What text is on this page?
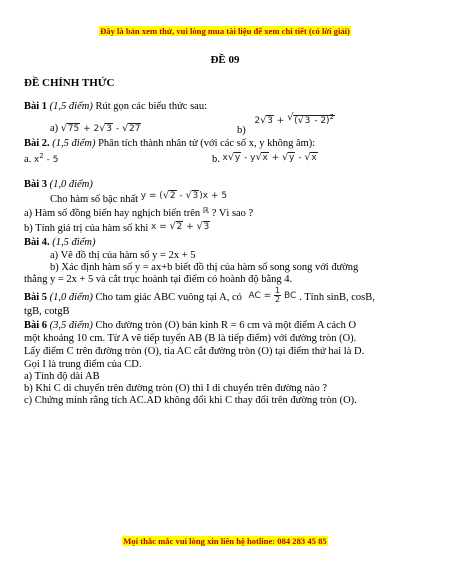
Đây là bản xem thử, vui lòng mua tài liệu để xem chi tiết (có lời giải)
ĐỀ 09
ĐỀ CHÍNH THỨC

Bài 1 (1,5 điểm) Rút gọn các biểu thức sau:

a) √ 75 + 2 √ 3 - √ 27	b) 2 √ 3 + √ ( √ 3 - 2)$^2$

Bài 2. (1,5 điểm) Phân tích thành nhân tử (với các số x, y không âm):

a. $x^2 - 5$	b. x √ y - y √ x + √ y - √ x

Bài 3 (1,0 điểm)

Cho hàm số bậc nhất y = ( √ 2 - √ 3)x + 5
a) Hàm số đồng biến hay nghịch biến trên $^ℝ$ ? Vì sao ?
b) Tính giá trị của hàm số khi x = √ 2 + √ 3

Bài 4. (1,5 điểm)

a) Vẽ đồ thị của hàm số y = 2x + 5

b) Xác định hàm số y = ax+b biết đồ thị của hàm số song song với đường

thẳng y = 2x + 5 và cắt trục hoành tại điểm có hoành độ bằng 4.

Bài 5 (1,0 điểm) Cho tam giác ABC vuông tại A, có AC = $\frac{1}{2}$ BC . Tính sinB, cosB,

tgB, cotgB

Bài 6 (3,5 điểm) Cho đường tròn (O) bán kính R = 6 cm và một điểm A cách O

một khoảng 10 cm. Từ A vẽ tiếp tuyến AB (B là tiếp điểm) với đường tròn (O).

Lấy điểm C trên đường tròn (O), tia AC cắt đường tròn (O) tại điểm thứ hai là D.

Gọi I là trung điểm của CD.

a) Tính độ dài AB

b) Khi C di chuyển trên đường tròn (O) thì I di chuyển trên đường nào ?

c) Chứng minh rằng tích AC.AD không đổi khi C thay đổi trên đường tròn (O).

Mọi thắc mắc vui lòng xin liên hệ hotline: 084 283 45 85
